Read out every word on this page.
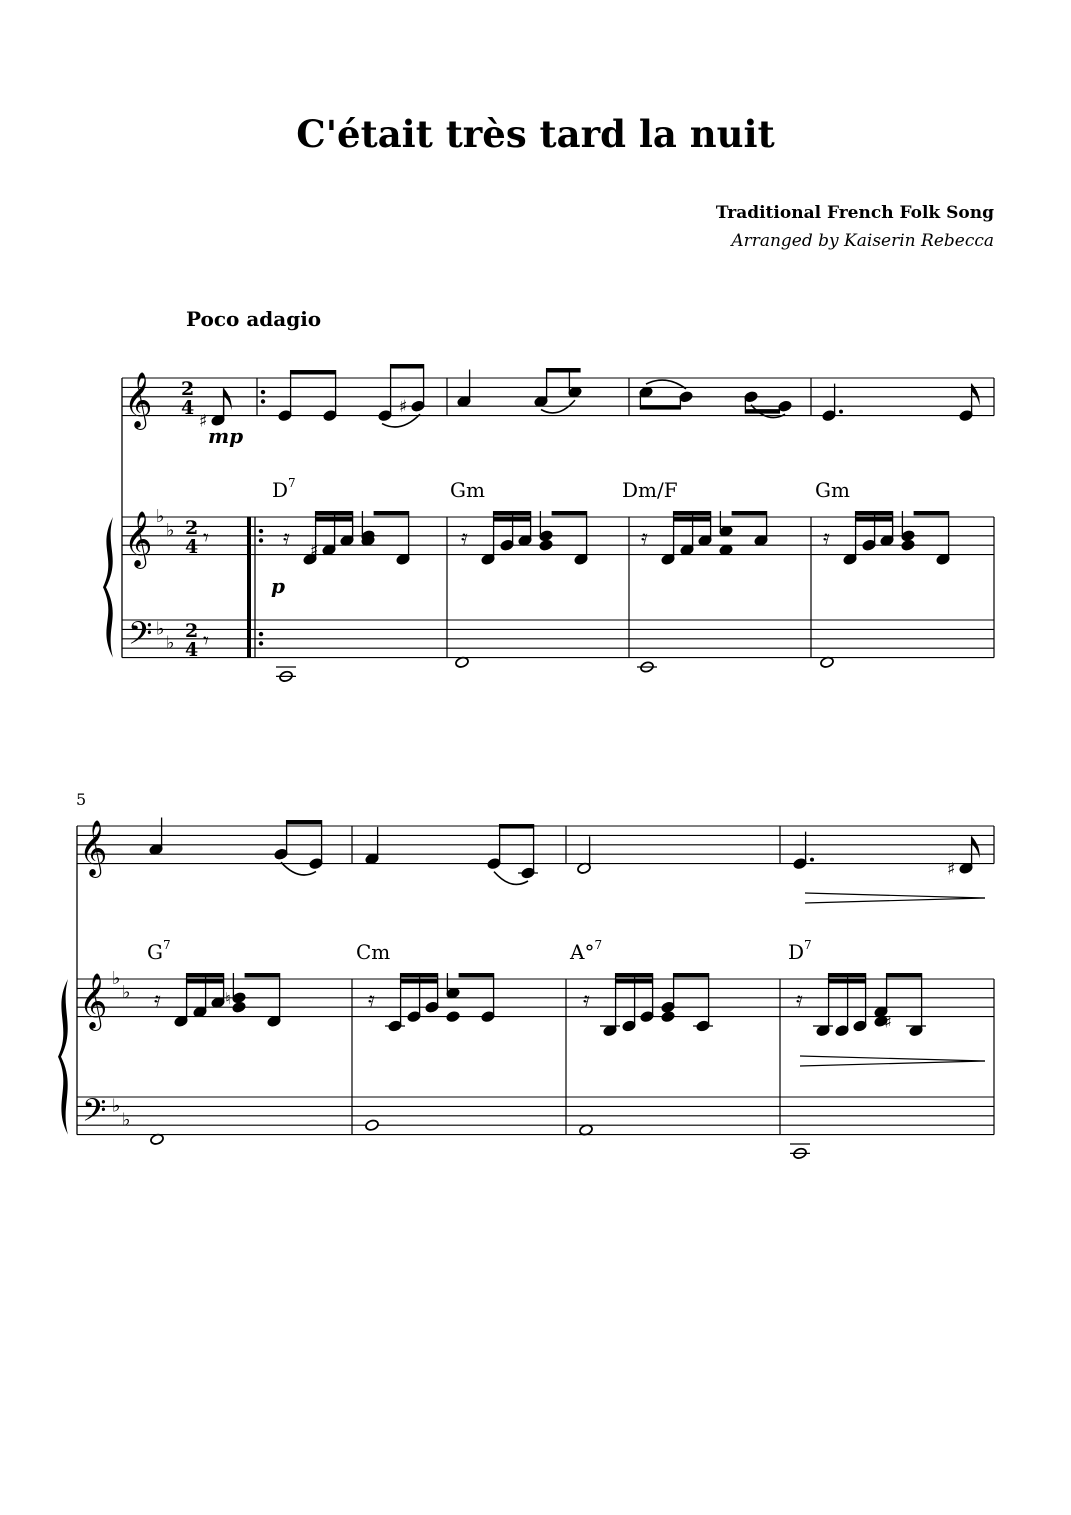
𝄞 2
4
𝄞 ♭
♭ 2
4
𝄢 ♭
♭
2
4
♯
𝄾
𝄾
♯
𝄿 ♯	𝄿	𝄿	𝄿
𝄞
𝄞 ♭
♭
𝄢 ♭
♭
♯
𝄿	♮	𝄿	𝄿	𝄿
♯
C'était très tard la nuit
Traditional French Folk Song
Arranged by Kaiserin Rebecca
Poco adagio
mp
p
5
$D^7$	Gm	Dm/F	Gm
$G^7$	Cm	A°$^7$	$D^7$
